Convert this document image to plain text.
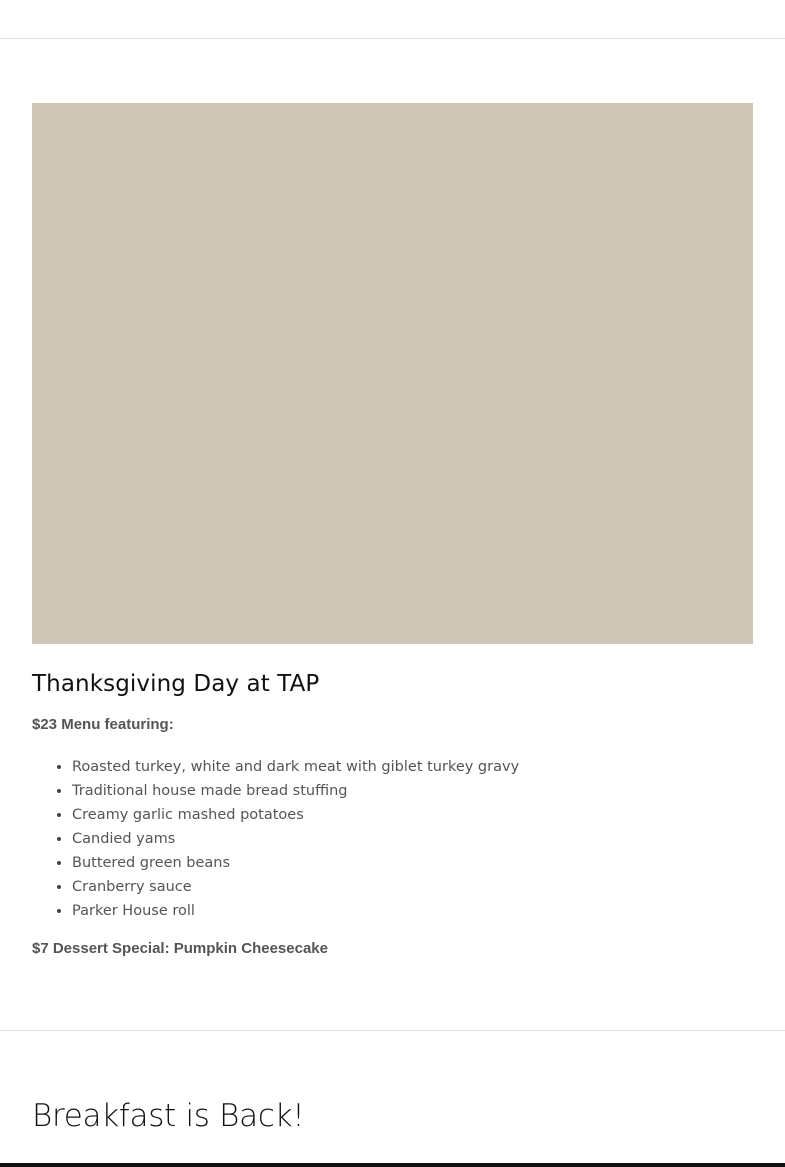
Thanksgiving Day at TAP

$23 Menu featuring:

• Roasted turkey, white and dark meat with giblet turkey gravy
• Traditional house made bread stuffing
• Creamy garlic mashed potatoes
• Candied yams
• Buttered green beans
• Cranberry sauce
• Parker House roll

$7 Dessert Special: Pumpkin Cheesecake

Breakfast is Back!
